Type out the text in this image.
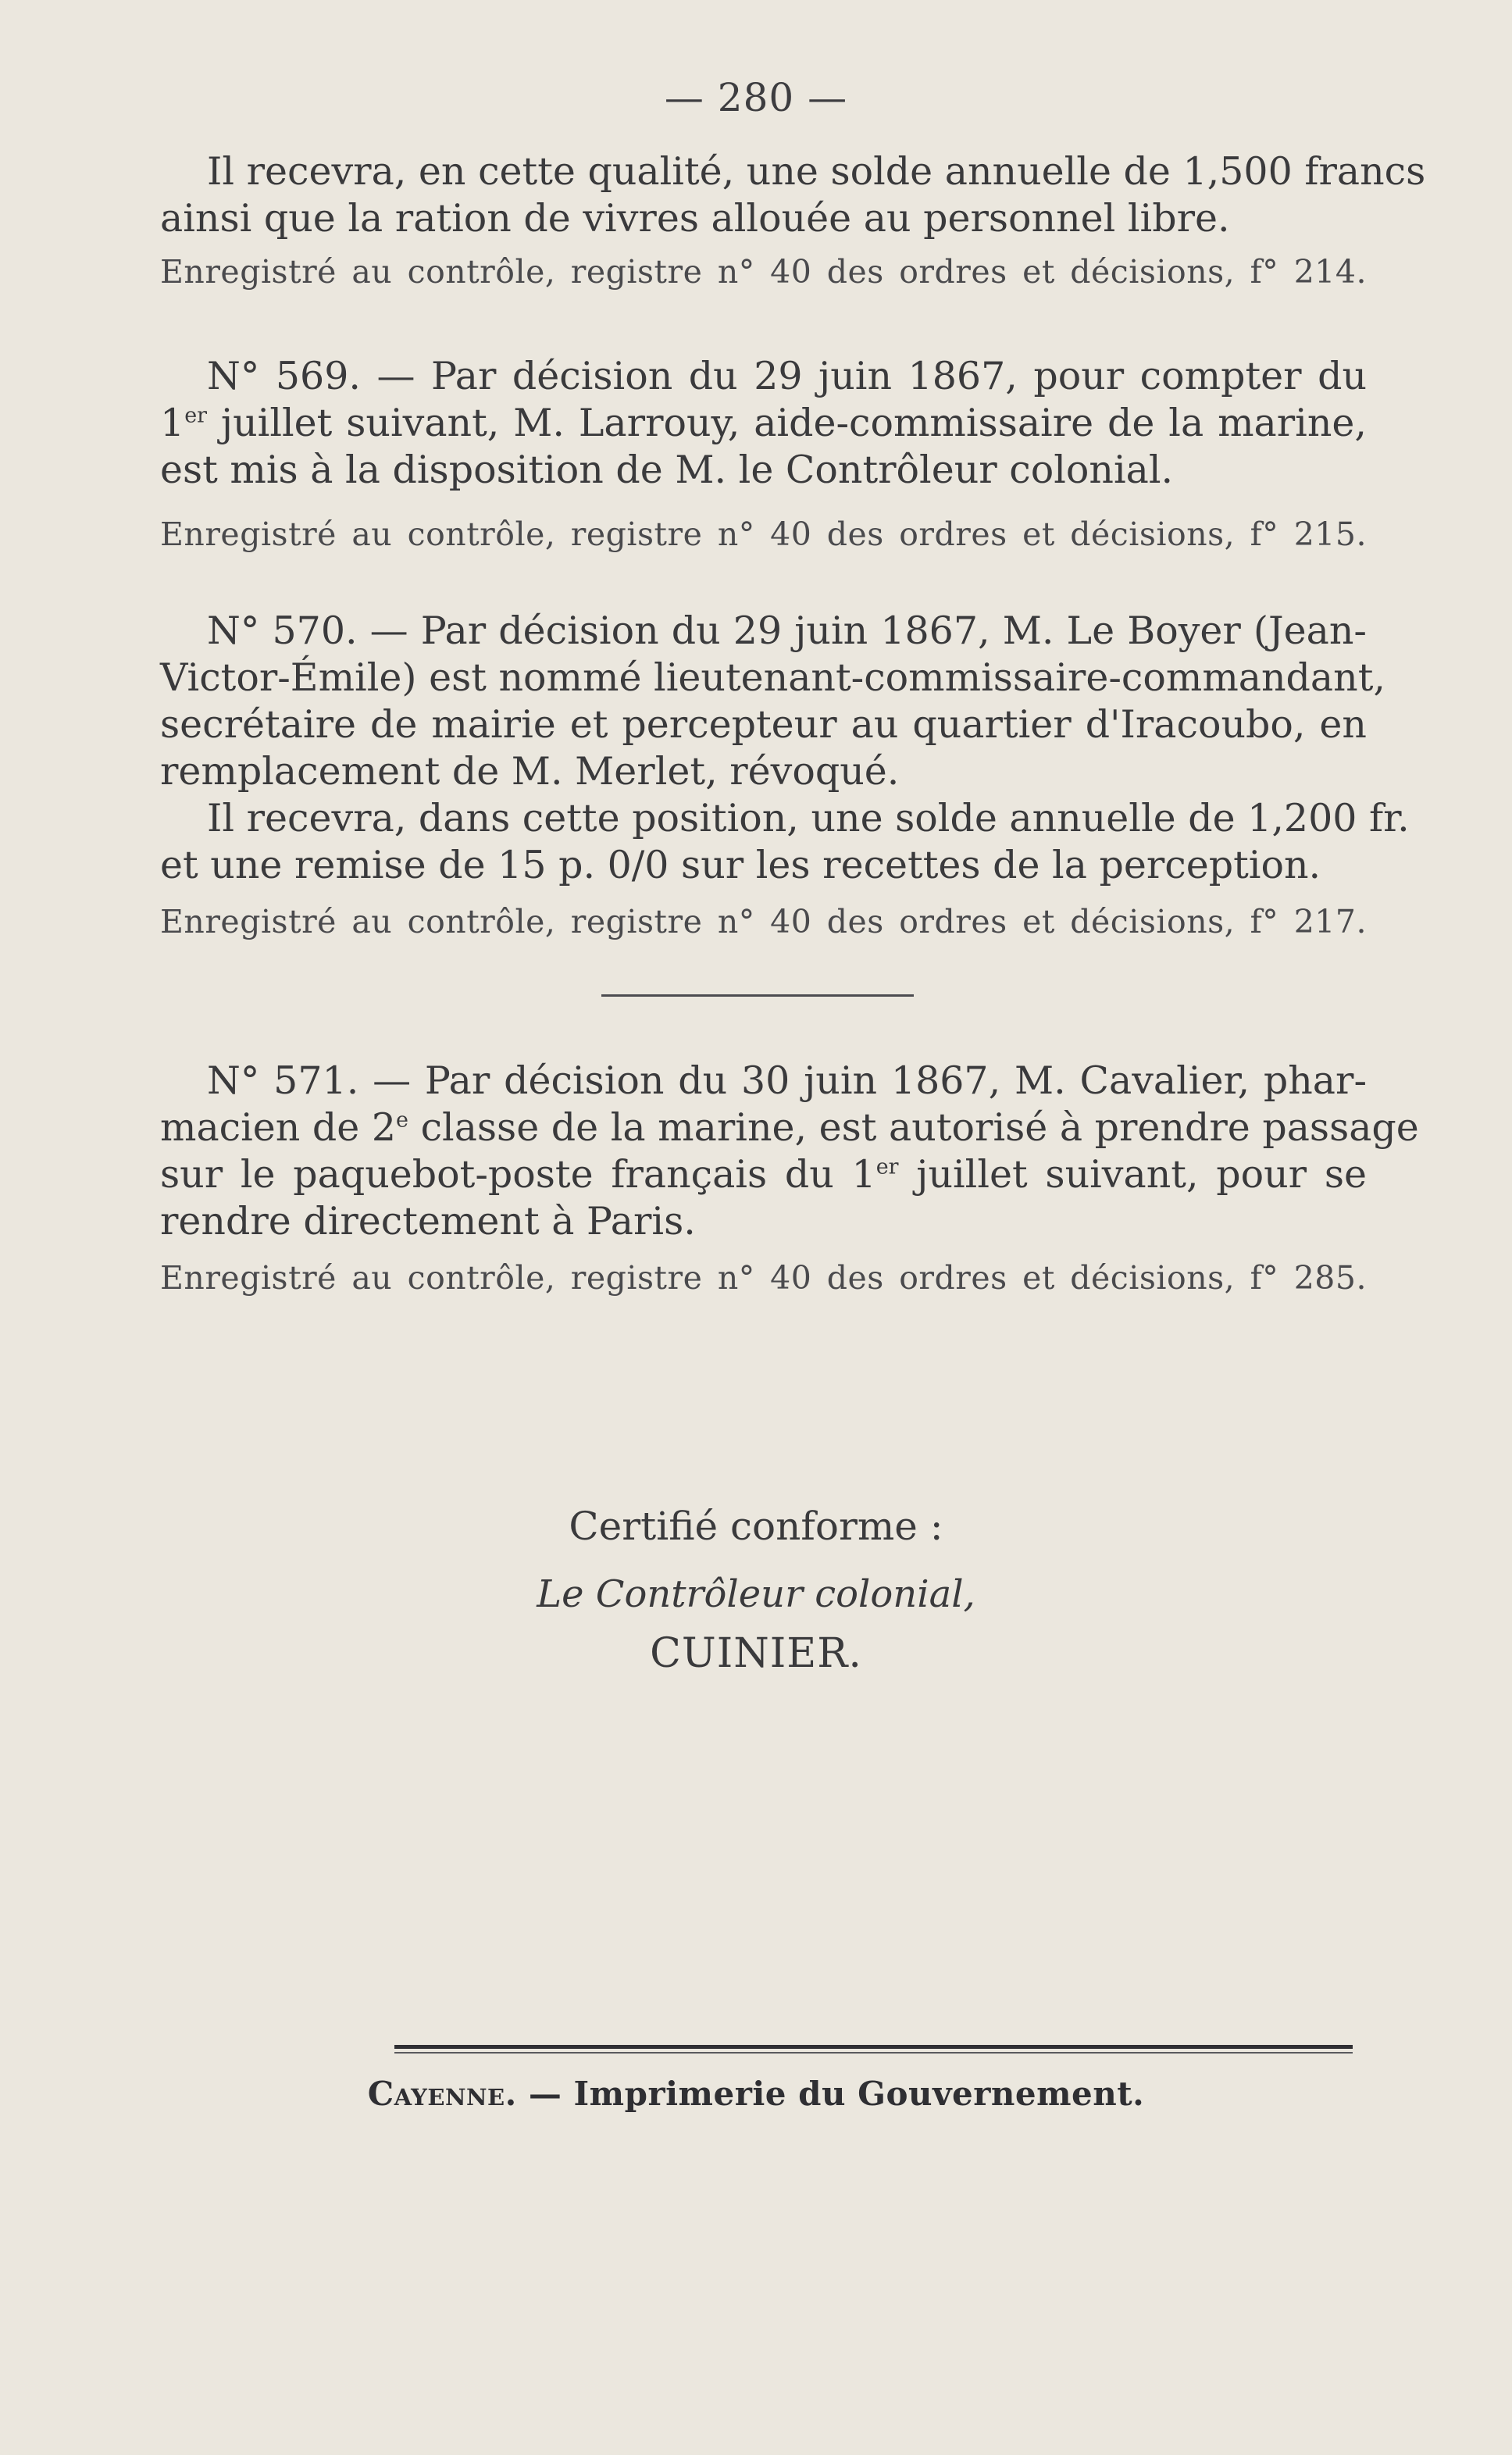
— 280 —
Il recevra, en cette qualité, une solde annuelle de 1,500 francs
ainsi que la ration de vivres allouée au personnel libre.
Enregistré au contrôle, registre n° 40 des ordres et décisions, f° 214.
N° 569. — Par décision du 29 juin 1867, pour compter du
1er juillet suivant, M. Larrouy, aide-commissaire de la marine,
est mis à la disposition de M. le Contrôleur colonial.
Enregistré au contrôle, registre n° 40 des ordres et décisions, f° 215.
N° 570. — Par décision du 29 juin 1867, M. Le Boyer (Jean-
Victor-Émile) est nommé lieutenant-commissaire-commandant,
secrétaire de mairie et percepteur au quartier d'Iracoubo, en
remplacement de M. Merlet, révoqué.
Il recevra, dans cette position, une solde annuelle de 1,200 fr.
et une remise de 15 p. 0/0 sur les recettes de la perception.
Enregistré au contrôle, registre n° 40 des ordres et décisions, f° 217.
N° 571. — Par décision du 30 juin 1867, M. Cavalier, phar-
macien de 2e classe de la marine, est autorisé à prendre passage
sur le paquebot-poste français du 1er juillet suivant, pour se
rendre directement à Paris.
Enregistré au contrôle, registre n° 40 des ordres et décisions, f° 285.
Certifié conforme :
Le Contrôleur colonial,
CUINIER.
Cayenne. — Imprimerie du Gouvernement.
